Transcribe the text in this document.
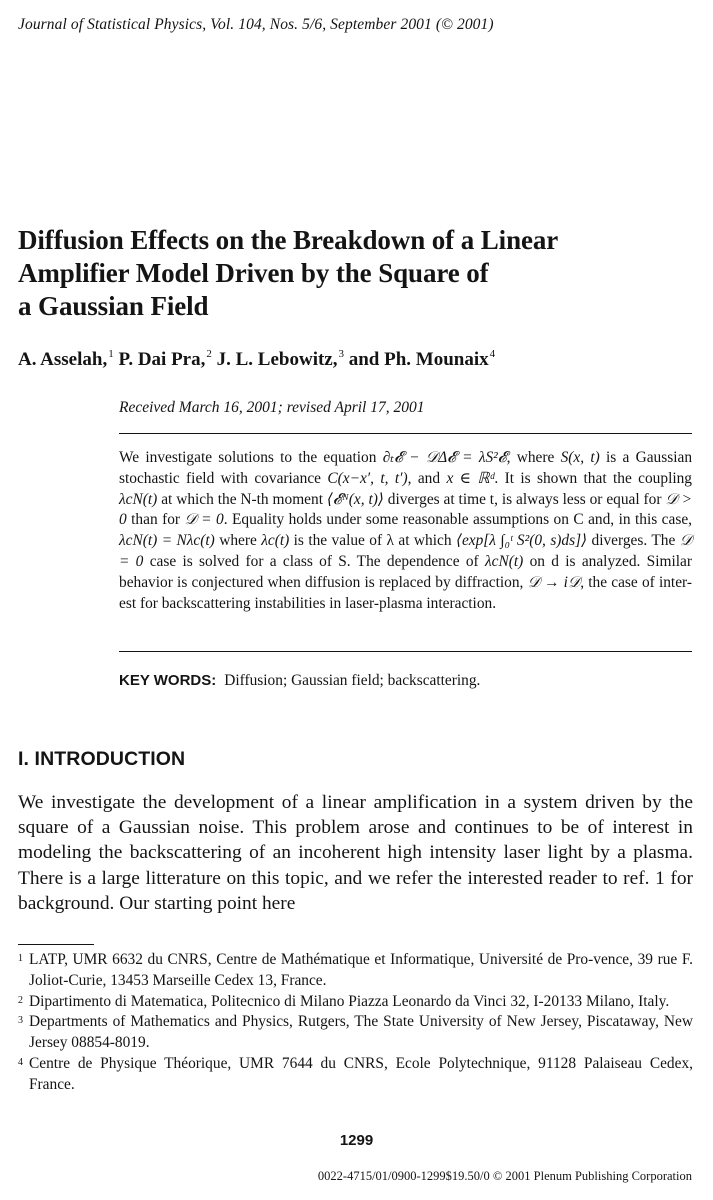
Journal of Statistical Physics, Vol. 104, Nos. 5/6, September 2001 (© 2001)
Diffusion Effects on the Breakdown of a Linear
Amplifier Model Driven by the Square of
a Gaussian Field
A. Asselah,$^1$ P. Dai Pra,$^2$ J. L. Lebowitz,$^3$ and Ph. Mounaix$^4$
Received March 16, 2001; revised April 17, 2001
We investigate solutions to the equation ∂ₜ𝓔 − 𝒟Δ𝓔 = λS²𝓔, where S(x, t) is a Gaussian stochastic field with covariance C(x−x′, t, t′), and x ∈ ℝᵈ. It is shown that the coupling λcN(t) at which the N-th moment ⟨𝓔ᴺ(x, t)⟩ diverges at time t, is always less or equal for 𝒟 > 0 than for 𝒟 = 0. Equality holds under some reasonable assumptions on C and, in this case, λcN(t) = Nλc(t) where λc(t) is the value of λ at which ⟨exp[λ ∫₀ᵗ S²(0, s)ds]⟩ diverges. The 𝒟 = 0 case is solved for a class of S. The dependence of λcN(t) on d is analyzed. Similar behavior is conjectured when diffusion is replaced by diffraction, 𝒟 → i𝒟, the case of inter-est for backscattering instabilities in laser-plasma interaction.
KEY WORDS: Diffusion; Gaussian field; backscattering.
I. INTRODUCTION
We investigate the development of a linear amplification in a system driven by the square of a Gaussian noise. This problem arose and continues to be of interest in modeling the backscattering of an incoherent high intensity laser light by a plasma. There is a large litterature on this topic, and we refer the interested reader to ref. 1 for background. Our starting point here
1 LATP, UMR 6632 du CNRS, Centre de Mathématique et Informatique, Université de Pro-vence, 39 rue F. Joliot-Curie, 13453 Marseille Cedex 13, France.
2 Dipartimento di Matematica, Politecnico di Milano Piazza Leonardo da Vinci 32, I-20133 Milano, Italy.
3 Departments of Mathematics and Physics, Rutgers, The State University of New Jersey, Piscataway, New Jersey 08854-8019.
4 Centre de Physique Théorique, UMR 7644 du CNRS, Ecole Polytechnique, 91128 Palaiseau Cedex, France.
1299
0022-4715/01/0900-1299$19.50/0 © 2001 Plenum Publishing Corporation
